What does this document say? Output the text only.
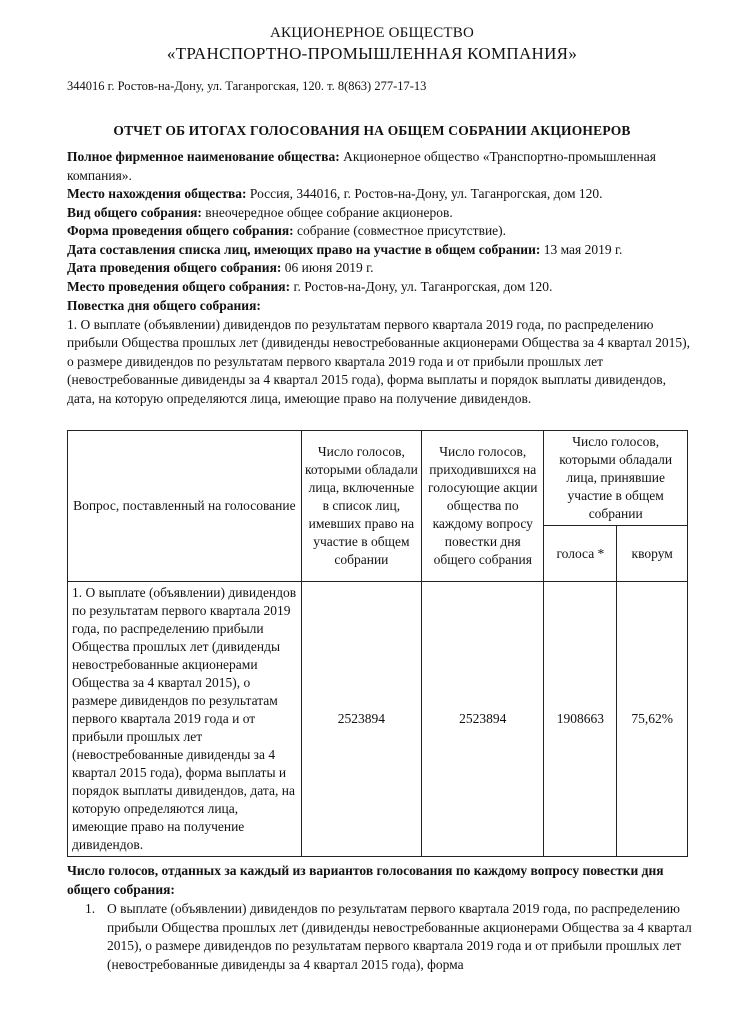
АКЦИОНЕРНОЕ ОБЩЕСТВО
«ТРАНСПОРТНО-ПРОМЫШЛЕННАЯ КОМПАНИЯ»
344016 г. Ростов-на-Дону, ул. Таганрогская, 120. т. 8(863) 277-17-13
ОТЧЕТ ОБ ИТОГАХ ГОЛОСОВАНИЯ НА ОБЩЕМ СОБРАНИИ АКЦИОНЕРОВ

Полное фирменное наименование общества: Акционерное общество «Транспортно-промышленная компания».

Место нахождения общества: Россия, 344016, г. Ростов-на-Дону, ул. Таганрогская, дом 120.

Вид общего собрания: внеочередное общее собрание акционеров.

Форма проведения общего собрания: собрание (совместное присутствие).

Дата составления списка лиц, имеющих право на участие в общем собрании: 13 мая 2019 г.

Дата проведения общего собрания: 06 июня 2019 г.

Место проведения общего собрания: г. Ростов-на-Дону, ул. Таганрогская, дом 120.

Повестка дня общего собрания:

1. О выплате (объявлении) дивидендов по результатам первого квартала 2019 года, по распределению прибыли Общества прошлых лет (дивиденды невостребованные акционерами Общества за 4 квартал 2015), о размере дивидендов по результатам первого квартала 2019 года и от прибыли прошлых лет (невостребованные дивиденды за 4 квартал 2015 года), форма выплаты и порядок выплаты дивидендов, дата, на которую определяются лица, имеющие право на получение дивидендов.

Вопрос, поставленный на голосование	Число голосов, которыми обладали лица, включенные в список лиц, имевших право на участие в общем собрании	Число голосов, приходившихся на голосующие акции общества по каждому вопросу повестки дня общего собрания	Число голосов, которыми обладали лица, принявшие участие в общем собрании	
			голоса *	кворум
1. О выплате (объявлении) дивидендов по результатам первого квартала 2019 года, по распределению прибыли Общества прошлых лет (дивиденды невостребованные акционерами Общества за 4 квартал 2015), о размере дивидендов по результатам первого квартала 2019 года и от прибыли прошлых лет (невостребованные дивиденды за 4 квартал 2015 года), форма выплаты и порядок выплаты дивидендов, дата, на которую определяются лица, имеющие право на получение дивидендов.	2523894	2523894	1908663	75,62%
Число голосов, отданных за каждый из вариантов голосования по каждому вопросу повестки дня общего собрания:
1. О выплате (объявлении) дивидендов по результатам первого квартала 2019 года, по распределению прибыли Общества прошлых лет (дивиденды невостребованные акционерами Общества за 4 квартал 2015), о размере дивидендов по результатам первого квартала 2019 года и от прибыли прошлых лет (невостребованные дивиденды за 4 квартал 2015 года), форма
